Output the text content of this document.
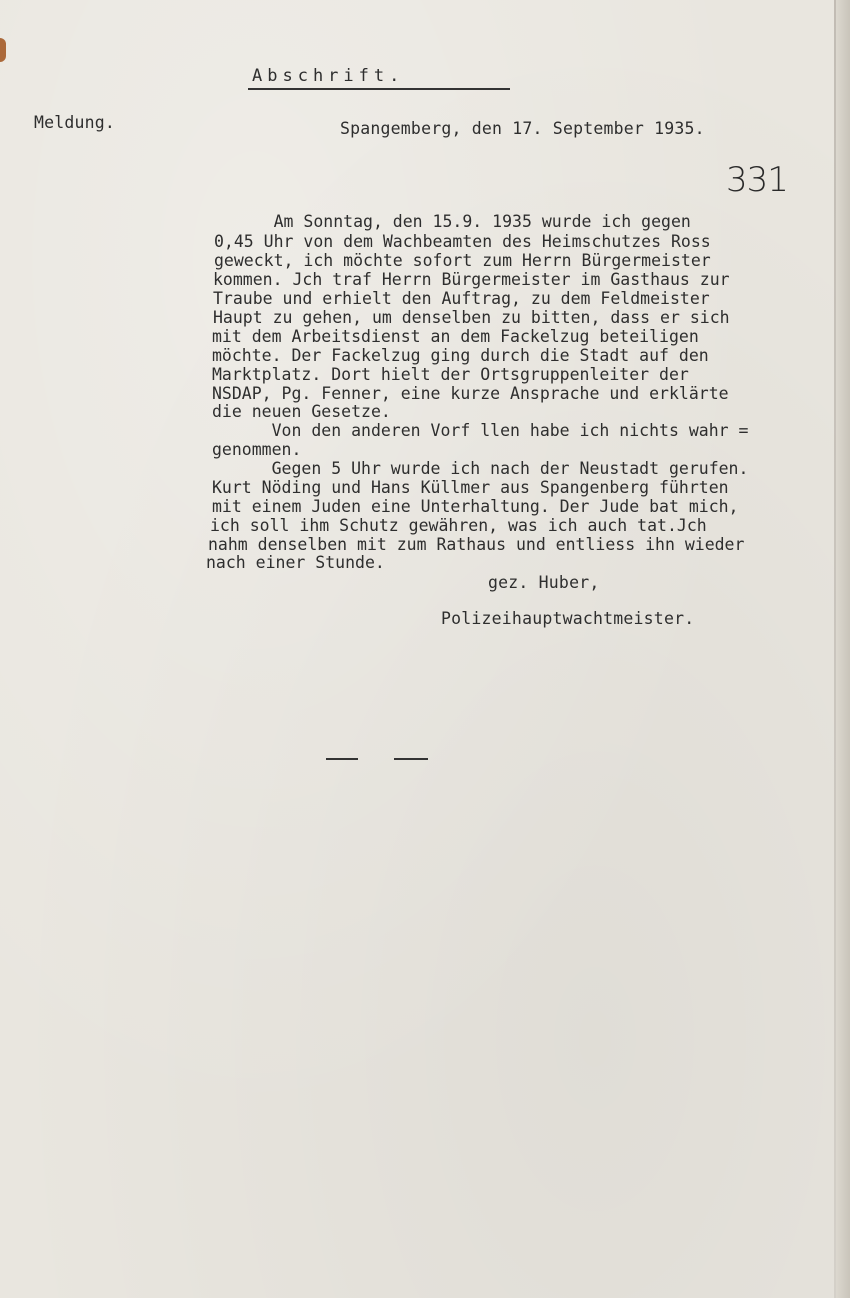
Abschrift.
Meldung.	Spangemberg, den 17. September 1935.
331
Am Sonntag, den 15.9. 1935 wurde ich gegen
0,45 Uhr von dem Wachbeamten des Heimschutzes Ross
geweckt, ich möchte sofort zum Herrn Bürgermeister
kommen. Jch traf Herrn Bürgermeister im Gasthaus zur
Traube und erhielt den Auftrag, zu dem Feldmeister
Haupt zu gehen, um denselben zu bitten, dass er sich
mit dem Arbeitsdienst an dem Fackelzug beteiligen
möchte. Der Fackelzug ging durch die Stadt auf den
Marktplatz. Dort hielt der Ortsgruppenleiter der
NSDAP, Pg. Fenner, eine kurze Ansprache und erklärte
die neuen Gesetze.
Von den anderen Vorf llen habe ich nichts wahr =
genommen.
Gegen 5 Uhr wurde ich nach der Neustadt gerufen.
Kurt Nöding und Hans Küllmer aus Spangenberg führten
mit einem Juden eine Unterhaltung. Der Jude bat mich,
ich soll ihm Schutz gewähren, was ich auch tat.Jch
nahm denselben mit zum Rathaus und entliess ihn wieder
nach einer Stunde.
gez. Huber,
Polizeihauptwachtmeister.
